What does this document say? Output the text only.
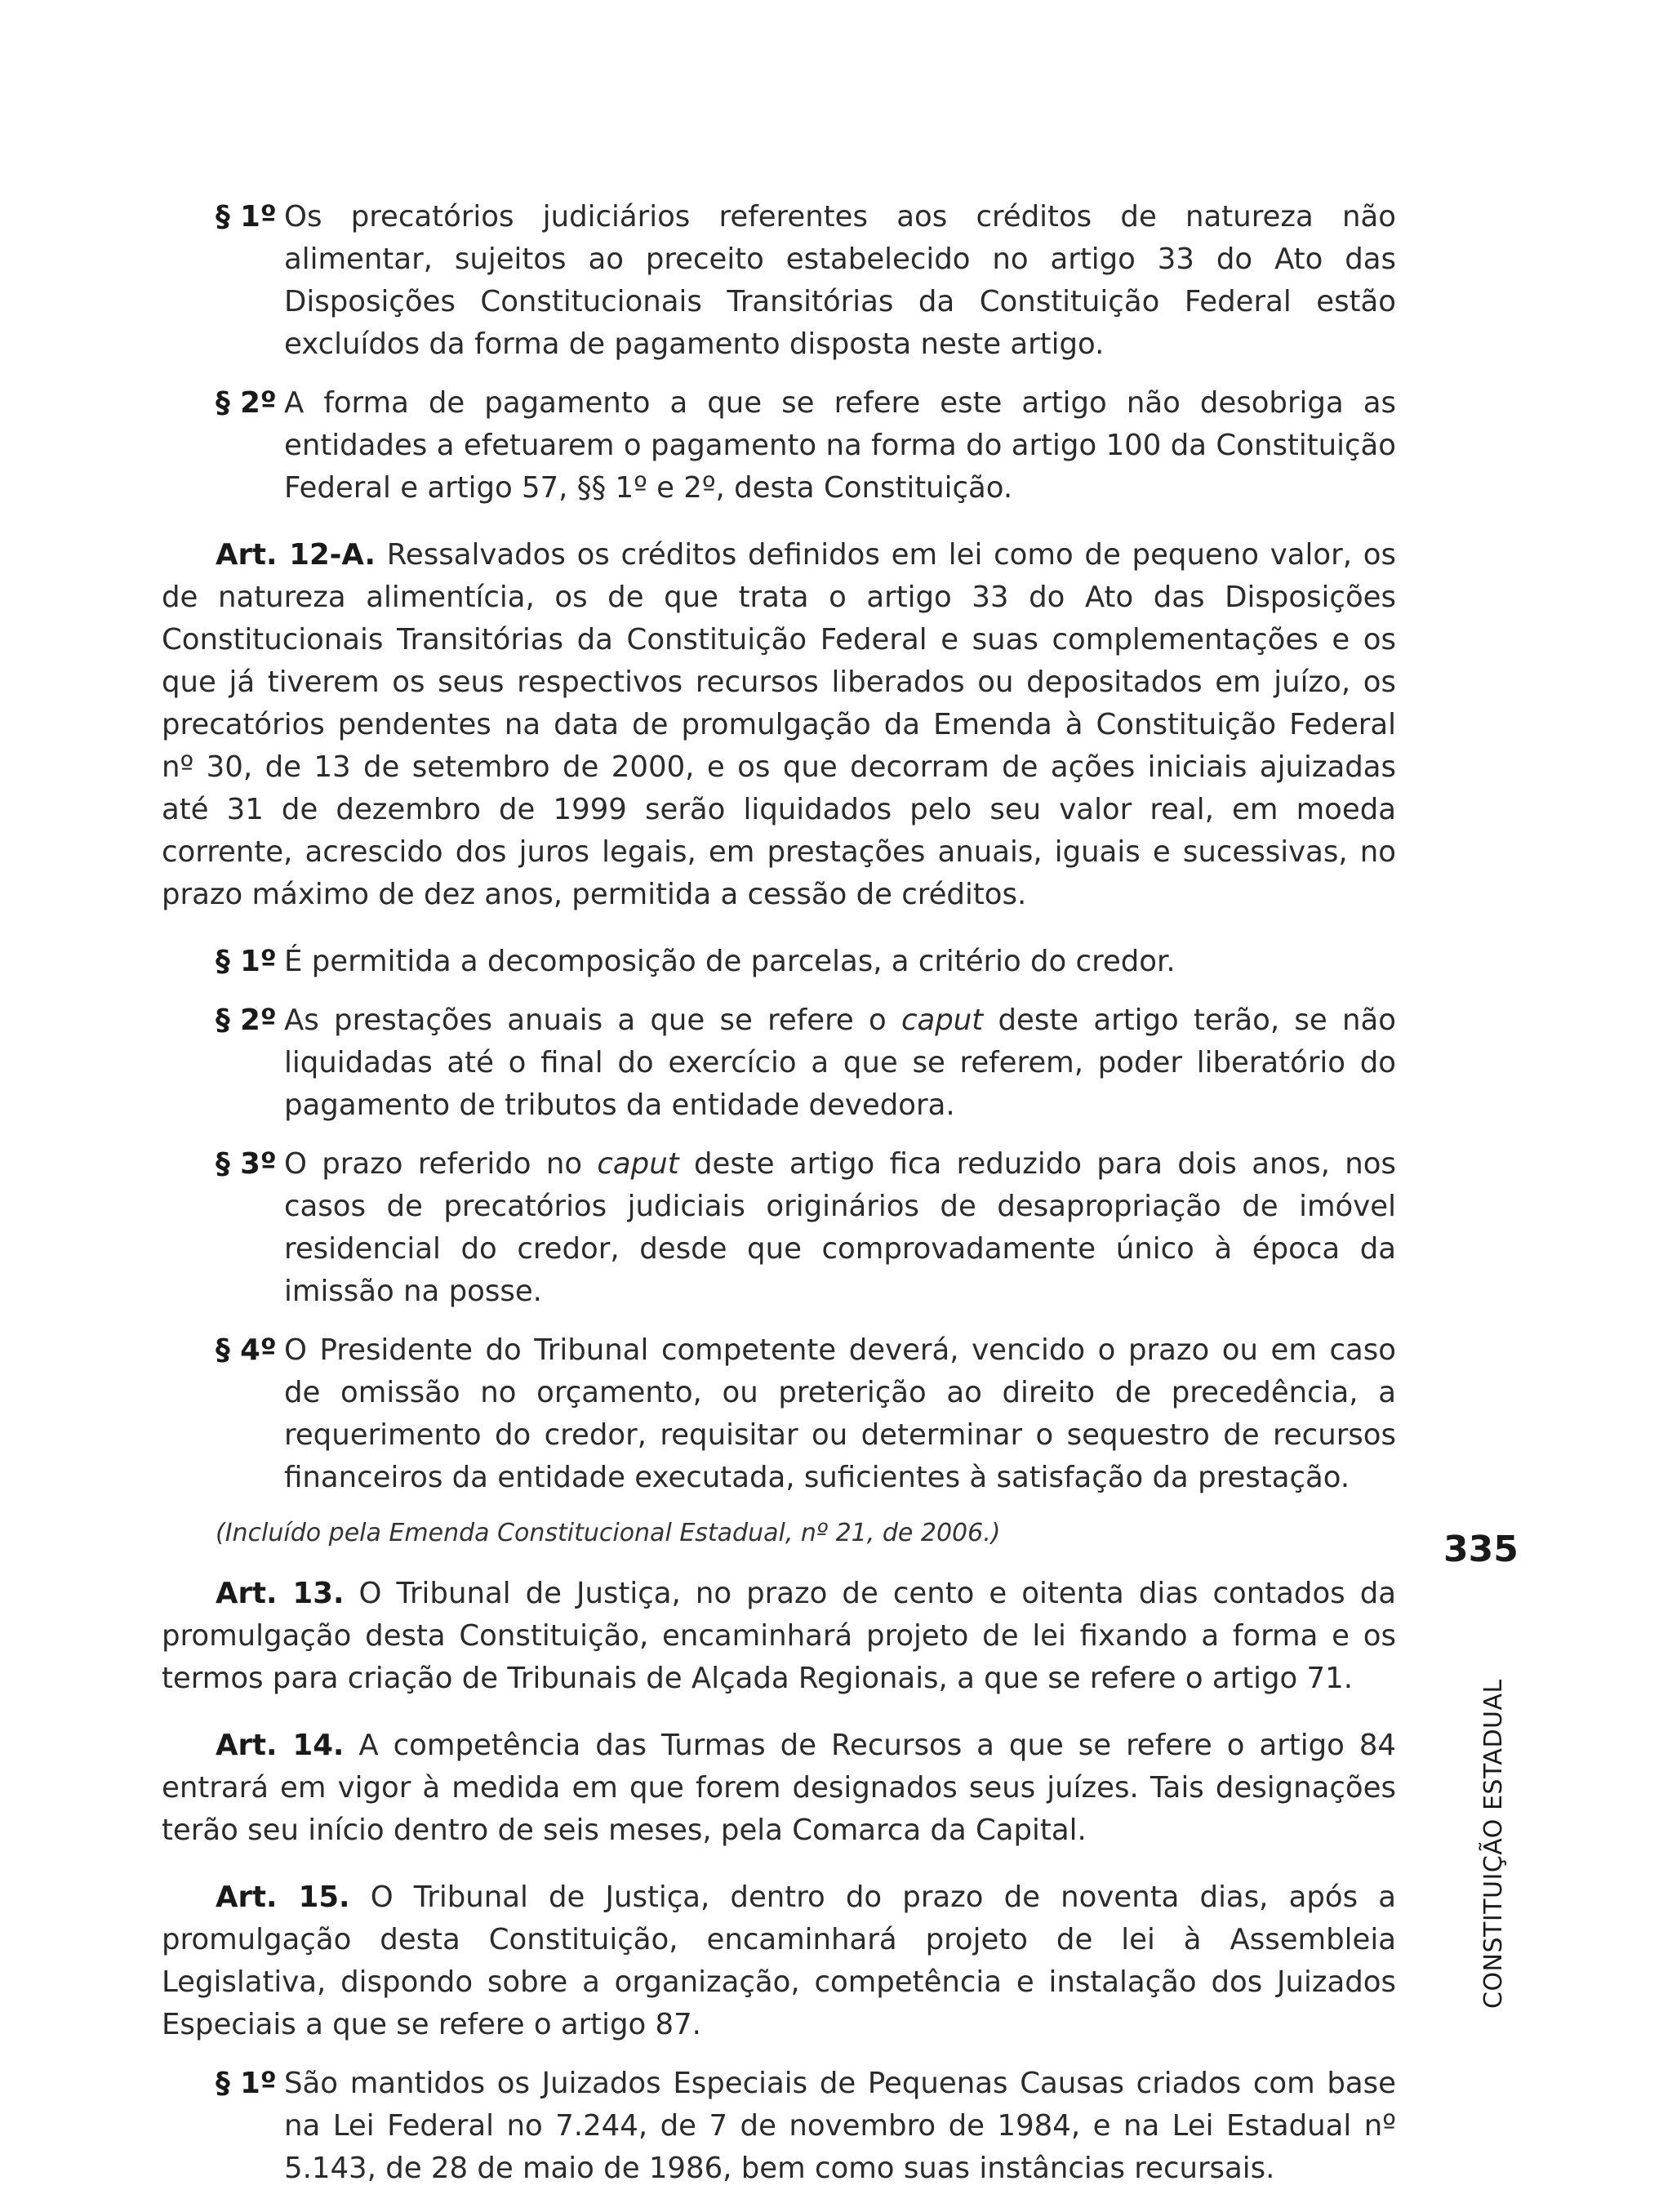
§ 1º Os precatórios judiciários referentes aos créditos de natureza não alimentar, sujeitos ao preceito estabelecido no artigo 33 do Ato das Disposições Constitucionais Transitórias da Constituição Federal estão excluídos da forma de pagamento disposta neste artigo.
§ 2º A forma de pagamento a que se refere este artigo não desobriga as entidades a efetuarem o pagamento na forma do artigo 100 da Constituição Federal e artigo 57, §§ 1º e 2º, desta Constituição.
Art. 12-A. Ressalvados os créditos definidos em lei como de pequeno valor, os de natureza alimentícia, os de que trata o artigo 33 do Ato das Disposições Constitucionais Transitórias da Constituição Federal e suas complementações e os que já tiverem os seus respectivos recursos liberados ou depositados em juízo, os precatórios pendentes na data de promulgação da Emenda à Constituição Federal nº 30, de 13 de setembro de 2000, e os que decorram de ações iniciais ajuizadas até 31 de dezembro de 1999 serão liquidados pelo seu valor real, em moeda corrente, acrescido dos juros legais, em prestações anuais, iguais e sucessivas, no prazo máximo de dez anos, permitida a cessão de créditos.
§ 1º É permitida a decomposição de parcelas, a critério do credor.
§ 2º As prestações anuais a que se refere o caput deste artigo terão, se não liquidadas até o final do exercício a que se referem, poder liberatório do pagamento de tributos da entidade devedora.
§ 3º O prazo referido no caput deste artigo fica reduzido para dois anos, nos casos de precatórios judiciais originários de desapropriação de imóvel residencial do credor, desde que comprovadamente único à época da imissão na posse.
§ 4º O Presidente do Tribunal competente deverá, vencido o prazo ou em caso de omissão no orçamento, ou preterição ao direito de precedência, a requerimento do credor, requisitar ou determinar o sequestro de recursos financeiros da entidade executada, suficientes à satisfação da prestação.
(Incluído pela Emenda Constitucional Estadual, nº 21, de 2006.)
Art. 13. O Tribunal de Justiça, no prazo de cento e oitenta dias contados da promulgação desta Constituição, encaminhará projeto de lei fixando a forma e os termos para criação de Tribunais de Alçada Regionais, a que se refere o artigo 71.
Art. 14. A competência das Turmas de Recursos a que se refere o artigo 84 entrará em vigor à medida em que forem designados seus juízes. Tais designações terão seu início dentro de seis meses, pela Comarca da Capital.
Art. 15. O Tribunal de Justiça, dentro do prazo de noventa dias, após a promulgação desta Constituição, encaminhará projeto de lei à Assembleia Legislativa, dispondo sobre a organização, competência e instalação dos Juizados Especiais a que se refere o artigo 87.
§ 1º São mantidos os Juizados Especiais de Pequenas Causas criados com base na Lei Federal no 7.244, de 7 de novembro de 1984, e na Lei Estadual nº 5.143, de 28 de maio de 1986, bem como suas instâncias recursais.
CONSTITUIÇÃO ESTADUAL
335
